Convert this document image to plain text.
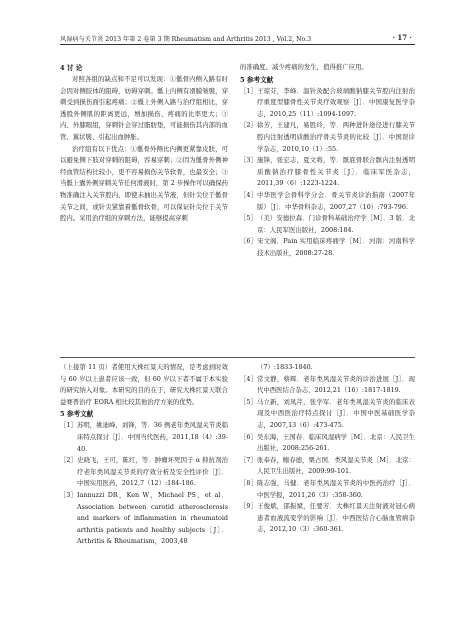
风湿病与关节炎 2013 年第 2 卷第 3 期 Rheumatism and Arthritis 2013 , Vol.2, No.3	· 17 ·
4 讨 论

对照各组的缺点和不足可以发现：①骶骨内侧入路有时会因对侧肢体的阻碍，妨碍穿刺。骶上内侧有滑膜皱襞，穿刺受到损伤面引起疼痛；②骶上外侧入路与治疗组相比，穿透股外侧肌的距离更远，增加损伤、疼痛的比率更大；③内、外膝眼组，穿刺针会穿过脂肪垫，可能损伤其内部的血管、翼状襞、引起出血肿胀。

治疗组有以下优点：①骶骨外侧比内侧更紧靠皮肤，可以避免侧下肢对穿刺的阻碍，容易穿刺；②因为骶骨外侧神经血管结构比较小，更不容易损伤关节软骨，也最安全；③当骶上囊外侧穿刺关节任何滑液时，第 2 步操作可以确保药物准确注入关节腔内，即使未抽出关节液，但针尖位于骶骨关节之间，或针尖紧靠着骶骨软骨，可以保证针尖位于关节腔内。采用治疗组的穿刺方法，能够提高穿刺

的准确度、减少疼痛的发生，值得推广应用。

5 参考文献
［1］ 王琼芬，李峰．温针灸配合玻璃酸钠膝关节腔内注射治疗重度型膝骨性关节炎疗效观察［J］．中国康复医学杂志，2010,25（11）:1094-1097.
［2］ 徐芳，王建凡，易胜玲，等．两种进针途径进行膝关节腔内注射透明质酸治疗骨关节炎的比较［J］．中国误诊学杂志，2010,10（1）:55.
［3］ 施锋，张宏志，夏文将，等．髌底骨联合髌内注射透明质酸钠治疗膝骨性关节炎［J］．临床军医杂志，2011,39（6）:1223-1224.
［4］ 中华医学会骨科学分会．骨关节炎诊治指南（2007年版）［J］．中华骨科杂志，2007,27（10）:793-796.
［5］ （美）安德拉森．门诊骨科基础治疗学［M］．3 版．北京：人民军医出版社，2008:184.
［6］ 宋文阁．Pain 实用临床疼痛学［M］．河南：河南科学技术出版社，2008:27-28.

（上接第 11 页）者使用大株红景天的情况，是考虑到时效与 60 岁以上患者应该一致，但 60 岁以下者不属于本实验的研究纳入对象。本研究的目的在于，研究大株红景天联合益赛普治疗 EORA 相比较其他治疗方案的优势。

5 参考文献
［1］ 苏明，姚迪峰，刘锋，等．36 例老年类风湿关节炎临床特点探讨［J］．中国当代医药，2011,18（4）:39-40.
［2］ 史晓飞，王可，陈红，等．肿瘤坏死因子 α 抑抗剂治疗老年类风湿关节炎的疗效分析及安全性评价［J］．中国实用医药，2012,7（12）:184-186.
［3］ Iannuzzi DR，Ken W，Michael PS，et al．Association between carotid atherosclerosis and markers of inflammation in rheumatoid arthritis patients and healthy subjects［J］．Arthritis & Rheumatism，2003,48

（7）:1833-1840.

［4］ 常文静，蔡辉．老年类风湿关节炎的诊治进展［J］．现代中西医结合杂志，2012,21（16）:1817-1819.
［5］ 马立新，刘凤芹，张学军．老年类风湿关节炎的临床表现及中西医治疗特点探讨［J］．中国中医基础医学杂志，2007,13（6）:473-475.
［6］ 吴东海，王国春．临床风湿病学［M］．北京：人民卫生出版社，2008:256-261.
［7］ 张奉春，鲍春德，栗占国．类风湿关节炎［M］．北京：人民卫生出版社，2009:99-101.
［8］ 陈志强，马健．老年类风湿关节炎的中医药治疗［J］．中医学报，2011,26（3）:358-360.
［9］ 王俊斌，邵振斌，任要芳．大株红景天注射液对冠心病患者血液流变学的影响［J］．中西医结合心脑血管病杂志，2012,10（3）:360-361.
